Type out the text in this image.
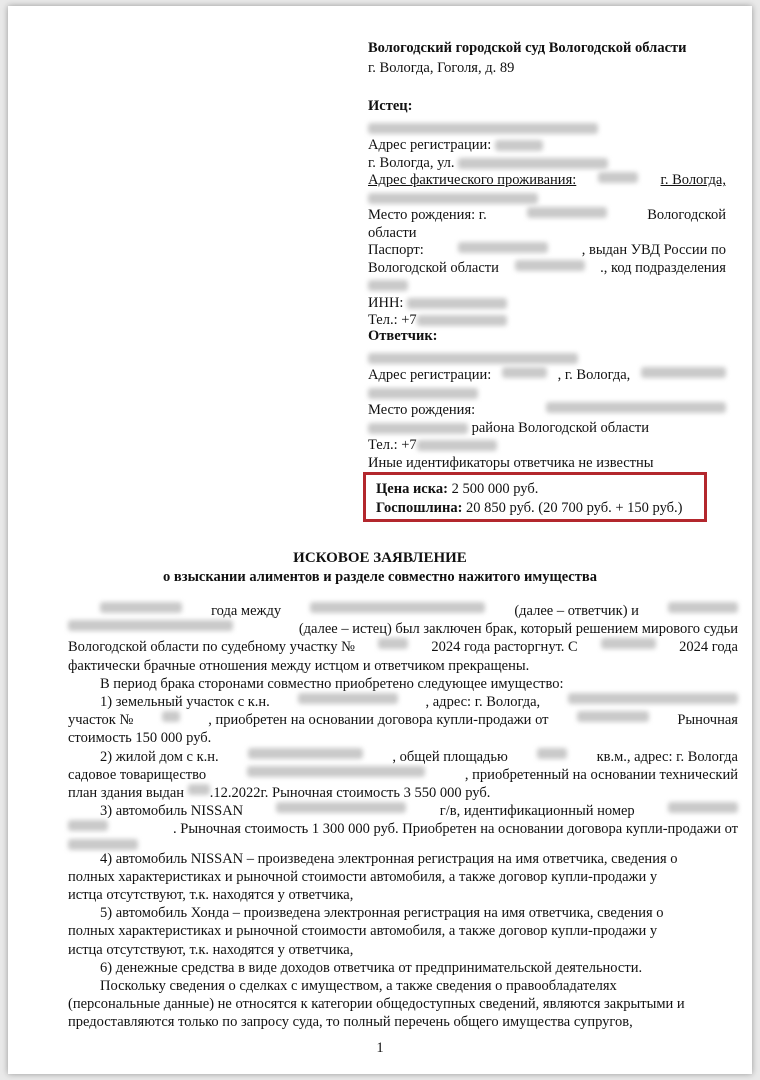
Вологодский городской суд Вологодской области
г. Вологда, Гоголя, д. 89
Истец:
Адрес регистрации:
г. Вологда, ул.
Адрес фактического проживания:	г. Вологда,
Место рождения: г.	Вологодской
области
Паспорт:	, выдан УВД России по
Вологодской области	., код подразделения
ИНН:
Тел.: +7
Ответчик:
Адрес регистрации:	, г. Вологда,
Место рождения:
района Вологодской области
Тел.: +7
Иные идентификаторы ответчика не известны
Цена иска: 2 500 000 руб.
Госпошлина: 20 850 руб. (20 700 руб. + 150 руб.)
ИСКОВОЕ ЗАЯВЛЕНИЕ
о взыскании алиментов и разделе совместно нажитого имущества
года между	(далее – ответчик) и
(далее – истец) был заключен брак, который решением мирового судьи
Вологодской области по судебному участку №	2024 года расторгнут. С	2024 года
фактически брачные отношения между истцом и ответчиком прекращены.
В период брака сторонами совместно приобретено следующее имущество:
1) земельный участок с к.н.	, адрес: г. Вологда,
участок №	, приобретен на основании договора купли-продажи от	Рыночная
стоимость 150 000 руб.
2) жилой дом с к.н.	, общей площадью	кв.м., адрес: г. Вологда
садовое товарищество	, приобретенный на основании технический
план здания выдан
.12.2022г. Рыночная стоимость 3 550 000 руб.
3) автомобиль NISSAN	г/в, идентификационный номер
. Рыночная стоимость 1 300 000 руб. Приобретен на основании договора купли-продажи от
4) автомобиль NISSAN – произведена электронная регистрация на имя ответчика, сведения о
полных характеристиках и рыночной стоимости автомобиля, а также договор купли-продажи у
истца отсутствуют, т.к. находятся у ответчика,
5) автомобиль Хонда – произведена электронная регистрация на имя ответчика, сведения о
полных характеристиках и рыночной стоимости автомобиля, а также договор купли-продажи у
истца отсутствуют, т.к. находятся у ответчика,
6) денежные средства в виде доходов ответчика от предпринимательской деятельности.
Поскольку сведения о сделках с имуществом, а также сведения о правообладателях
(персональные данные) не относятся к категории общедоступных сведений, являются закрытыми и
предоставляются только по запросу суда, то полный перечень общего имущества супругов,
1
